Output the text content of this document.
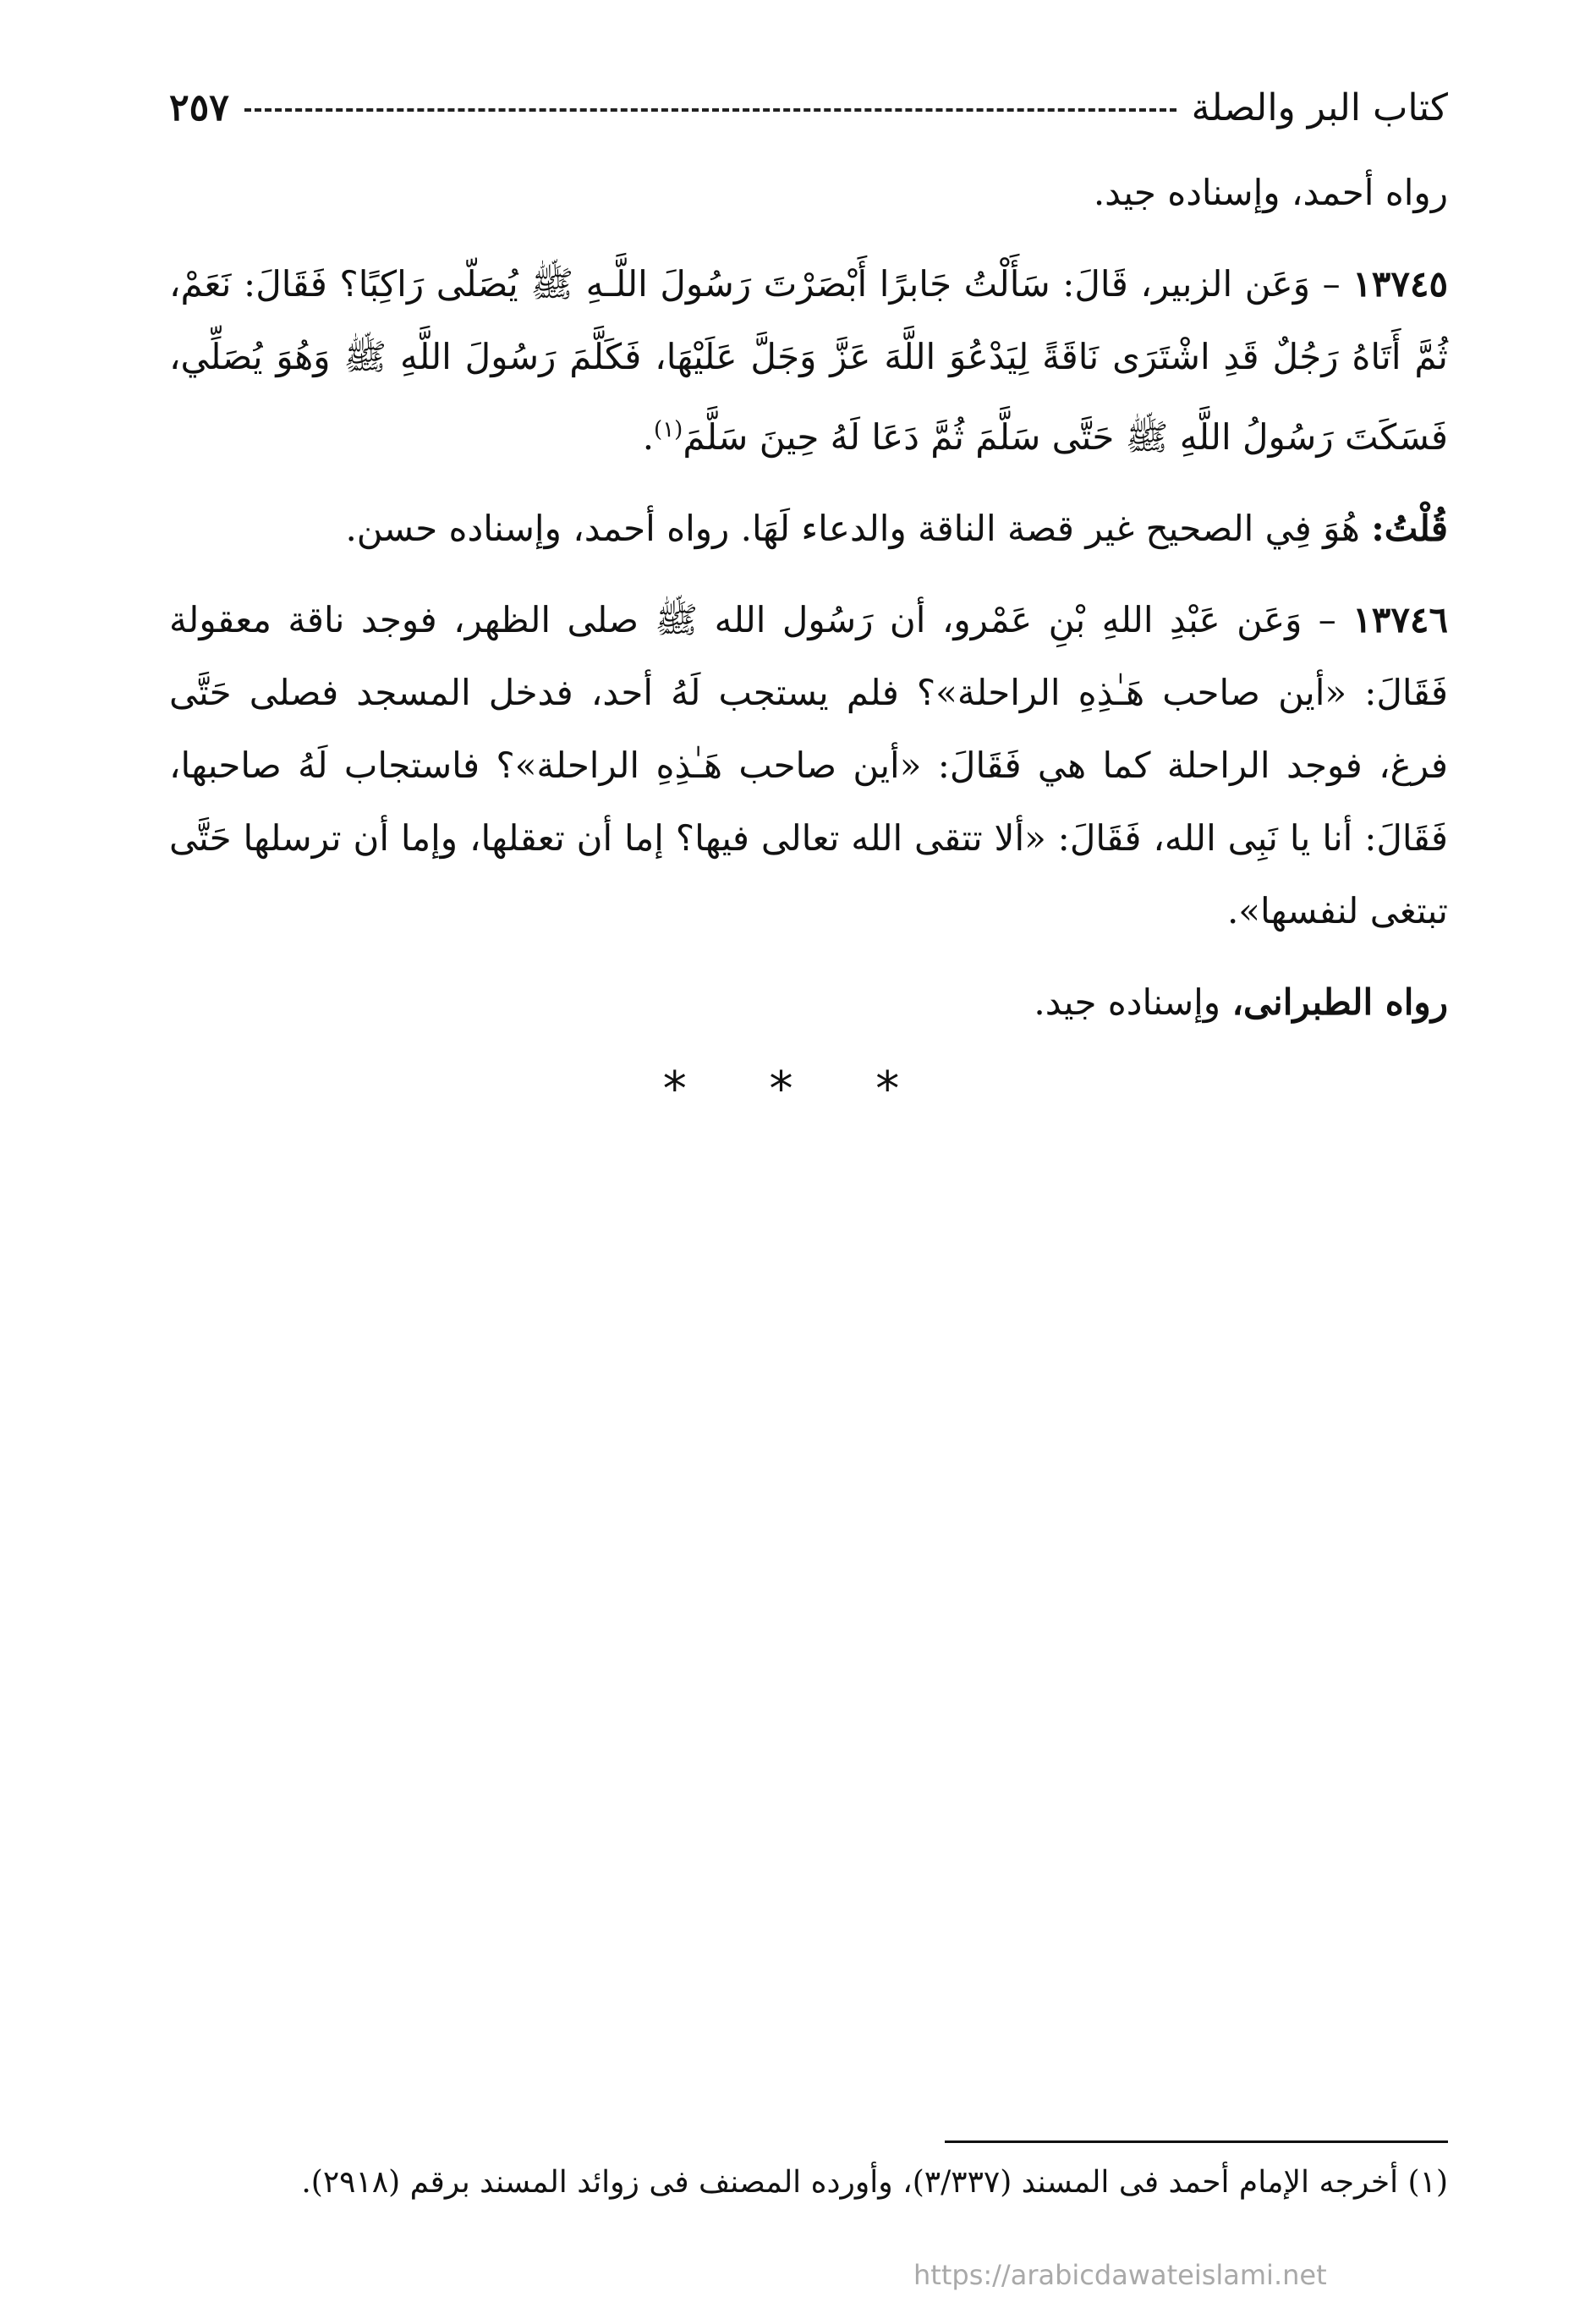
كتاب البر والصلة
٢٥٧

رواه أحمد، وإسناده جيد.

١٣٧٤٥ – وَعَن الزبير، قَالَ: سَأَلْتُ جَابرًا أَبْصَرْتَ رَسُولَ اللَّـهِ ﷺ يُصَلّى رَاكِبًا؟ فَقَالَ: نَعَمْ، ثُمَّ أَتَاهُ رَجُلٌ قَدِ اشْتَرَى نَاقَةً لِيَدْعُوَ اللَّهَ عَزَّ وَجَلَّ عَلَيْهَا، فَكَلَّمَ رَسُولَ اللَّهِ ﷺ وَهُوَ يُصَلِّي، فَسَكَتَ رَسُولُ اللَّهِ ﷺ حَتَّى سَلَّمَ ثُمَّ دَعَا لَهُ حِينَ سَلَّمَ$^{(١)}$.

قُلْتُ: هُوَ فِي الصحيح غير قصة الناقة والدعاء لَهَا. رواه أحمد، وإسناده حسن.

١٣٧٤٦ – وَعَن عَبْدِ اللهِ بْنِ عَمْرو، أن رَسُول الله ﷺ صلى الظهر، فوجد ناقة معقولة فَقَالَ: «أين صاحب هَـٰذِهِ الراحلة»؟ فلم يستجب لَهُ أحد، فدخل المسجد فصلى حَتَّى فرغ، فوجد الراحلة كما هي فَقَالَ: «أين صاحب هَـٰذِهِ الراحلة»؟ فاستجاب لَهُ صاحبها، فَقَالَ: أنا يا نَبِى الله، فَقَالَ: «ألا تتقى الله تعالى فيها؟ إما أن تعقلها، وإما أن ترسلها حَتَّى تبتغى لنفسها».

رواه الطبرانى، وإسناده جيد.

* * *
(١) أخرجه الإمام أحمد فى المسند (٣/٣٣٧)، وأورده المصنف فى زوائد المسند برقم (٢٩١٨).
https://arabicdawateislami.net
